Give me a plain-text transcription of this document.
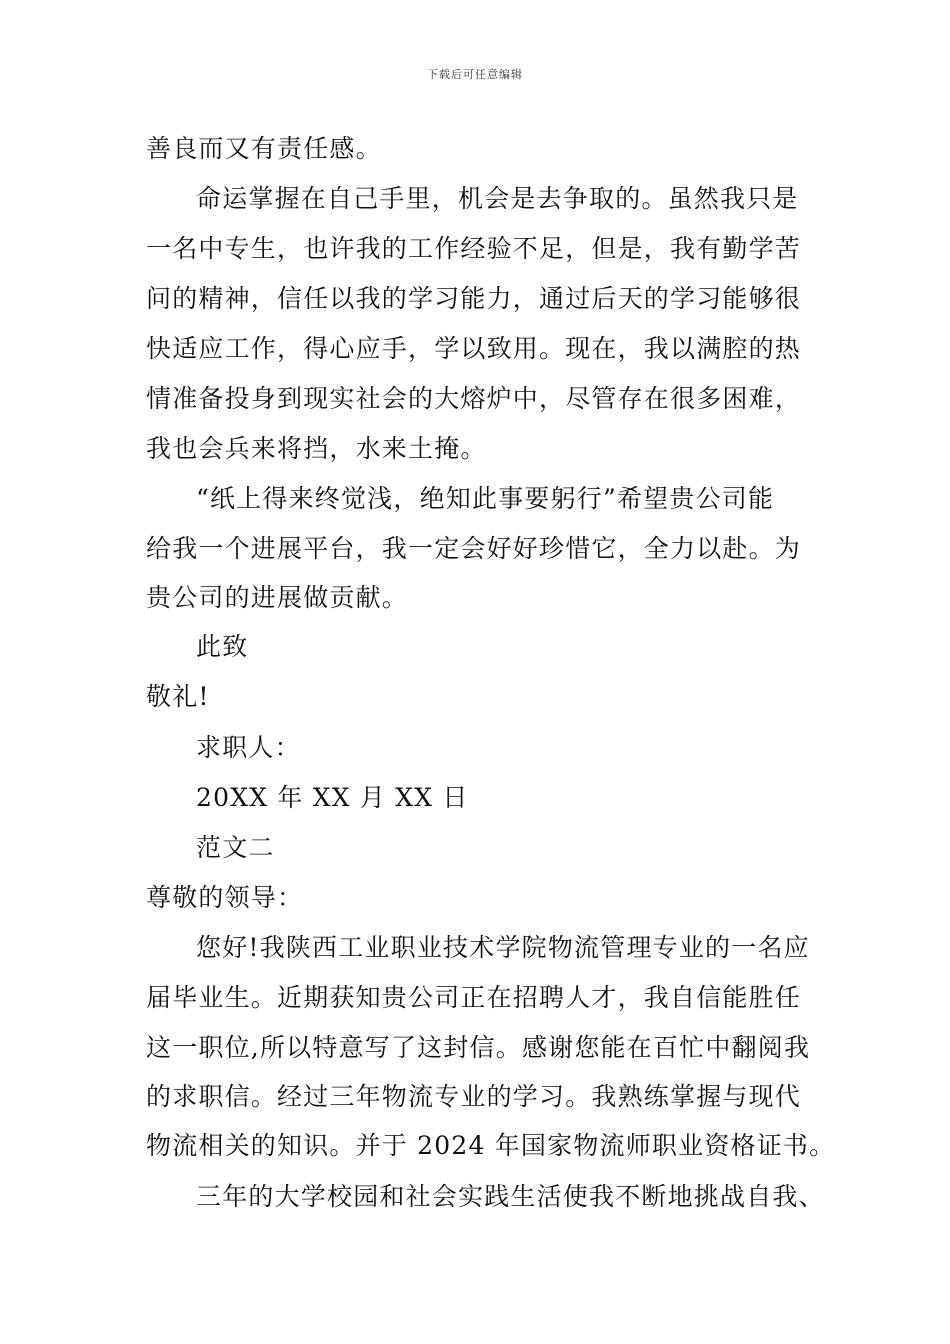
下载后可任意编辑
善良而又有责任感。
命运掌握在自己手里，机会是去争取的。虽然我只是
一名中专生，也许我的工作经验不足，但是，我有勤学苦
问的精神，信任以我的学习能力，通过后天的学习能够很
快适应工作，得心应手，学以致用。现在，我以满腔的热
情准备投身到现实社会的大熔炉中，尽管存在很多困难，
我也会兵来将挡，水来土掩。
“纸上得来终觉浅，绝知此事要躬行”希望贵公司能
给我一个进展平台，我一定会好好珍惜它，全力以赴。为
贵公司的进展做贡献。
此致
敬礼!
求职人：
20XX 年 XX 月 XX 日
范文二
尊敬的领导：
您好!我陕西工业职业技术学院物流管理专业的一名应
届毕业生。近期获知贵公司正在招聘人才，我自信能胜任
这一职位,所以特意写了这封信。感谢您能在百忙中翻阅我
的求职信。经过三年物流专业的学习。我熟练掌握与现代
物流相关的知识。并于 2024 年国家物流师职业资格证书。
三年的大学校园和社会实践生活使我不断地挑战自我、
